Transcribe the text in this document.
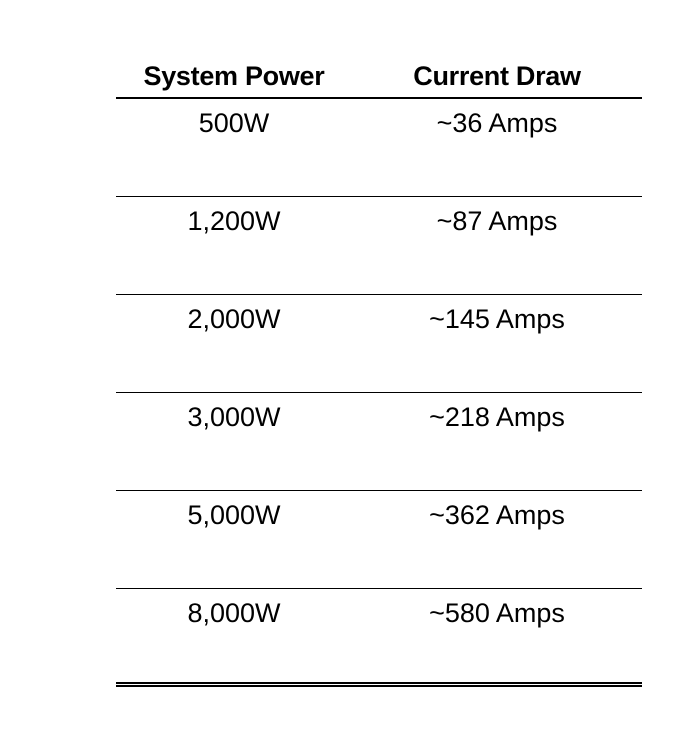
System Power	Current Draw
500W	~36 Amps
1,200W	~87 Amps
2,000W	~145 Amps
3,000W	~218 Amps
5,000W	~362 Amps
8,000W	~580 Amps
